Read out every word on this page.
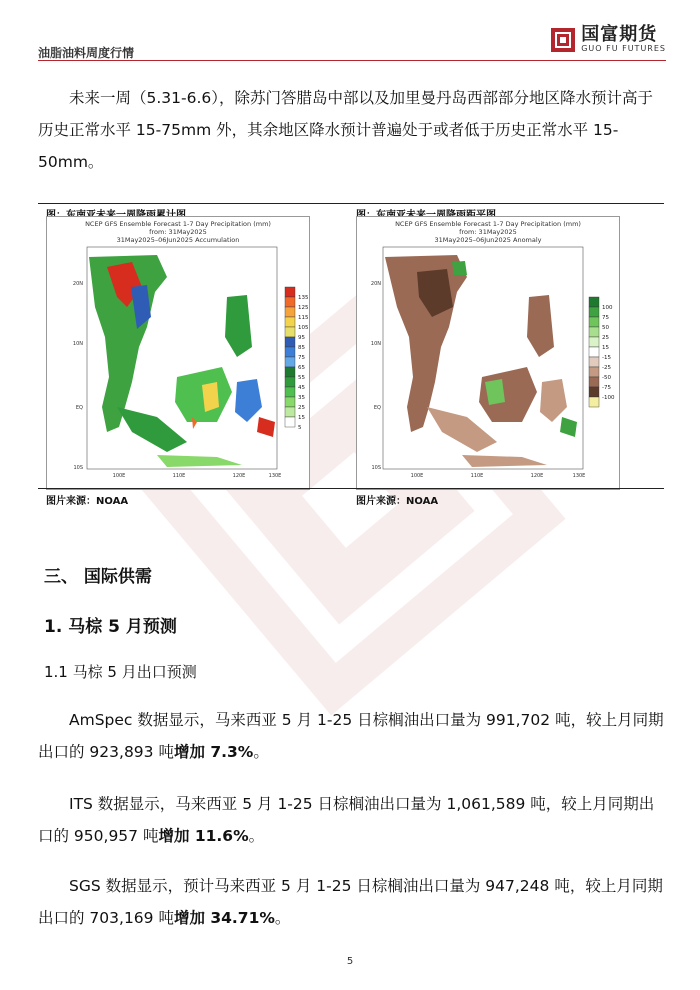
油脂油料周度行情
国富期货
GUO FU FUTURES
未来一周（5.31-6.6），除苏门答腊岛中部以及加里曼丹岛西部部分地区降水预计高于历史正常水平 15-75mm 外，其余地区降水预计普遍处于或者低于历史正常水平 15-50mm。
NCEP GFS Ensemble Forecast 1-7 Day Precipitation (mm)
from: 31May2025
31May2025–06Jun2025 Accumulation
20N
10N
EQ
10S
100E	110E	120E	130E
135
125
115
105
95
85
75
65
55
45
35
25
15
5
NCEP GFS Ensemble Forecast 1-7 Day Precipitation (mm)
from: 31May2025
31May2025–06Jun2025 Anomaly
20N
10N
EQ
10S
100E	110E	120E	130E
100
75
50
25
15
-15
-25
-50
-75
-100
图片来源：NOAA	图片来源：NOAA
三、 国际供需
1. 马棕 5 月预测
1.1 马棕 5 月出口预测
AmSpec 数据显示，马来西亚 5 月 1-25 日棕榈油出口量为 991,702 吨，较上月同期出口的 923,893 吨增加 7.3%。
ITS 数据显示，马来西亚 5 月 1-25 日棕榈油出口量为 1,061,589 吨，较上月同期出口的 950,957 吨增加 11.6%。
SGS 数据显示，预计马来西亚 5 月 1-25 日棕榈油出口量为 947,248 吨，较上月同期出口的 703,169 吨增加 34.71%。
5
